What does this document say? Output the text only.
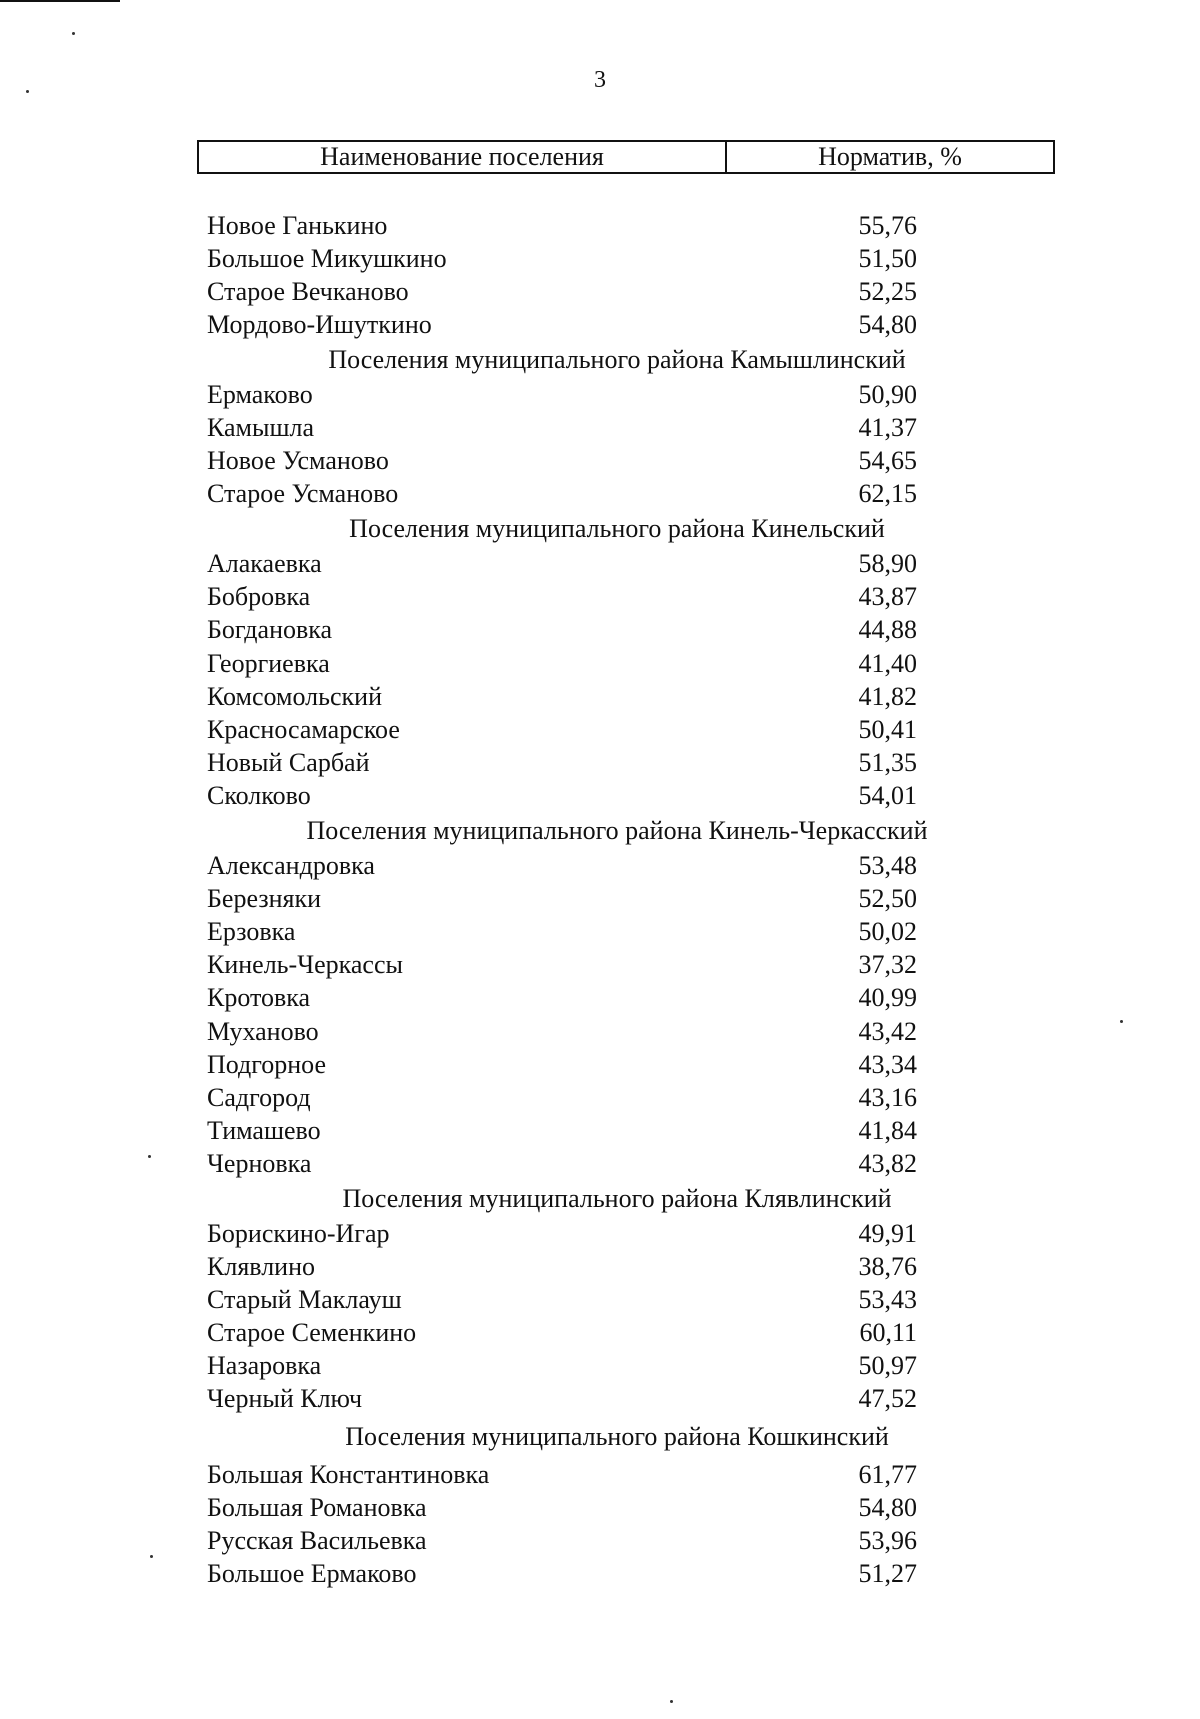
3
Наименование поселения	Норматив, %
Новое Ганькино	55,76
Большое Микушкино	51,50
Старое Вечканово	52,25
Мордово-Ишуткино	54,80
Поселения муниципального района Камышлинский
Ермаково	50,90
Камышла	41,37
Новое Усманово	54,65
Старое Усманово	62,15
Поселения муниципального района Кинельский
Алакаевка	58,90
Бобровка	43,87
Богдановка	44,88
Георгиевка	41,40
Комсомольский	41,82
Красносамарское	50,41
Новый Сарбай	51,35
Сколково	54,01
Поселения муниципального района Кинель-Черкасский
Александровка	53,48
Березняки	52,50
Ерзовка	50,02
Кинель-Черкассы	37,32
Кротовка	40,99
Муханово	43,42
Подгорное	43,34
Садгород	43,16
Тимашево	41,84
Черновка	43,82
Поселения муниципального района Клявлинский
Борискино-Игар	49,91
Клявлино	38,76
Старый Маклауш	53,43
Старое Семенкино	60,11
Назаровка	50,97
Черный Ключ	47,52
Поселения муниципального района Кошкинский
Большая Константиновка	61,77
Большая Романовка	54,80
Русская Васильевка	53,96
Большое Ермаково	51,27
